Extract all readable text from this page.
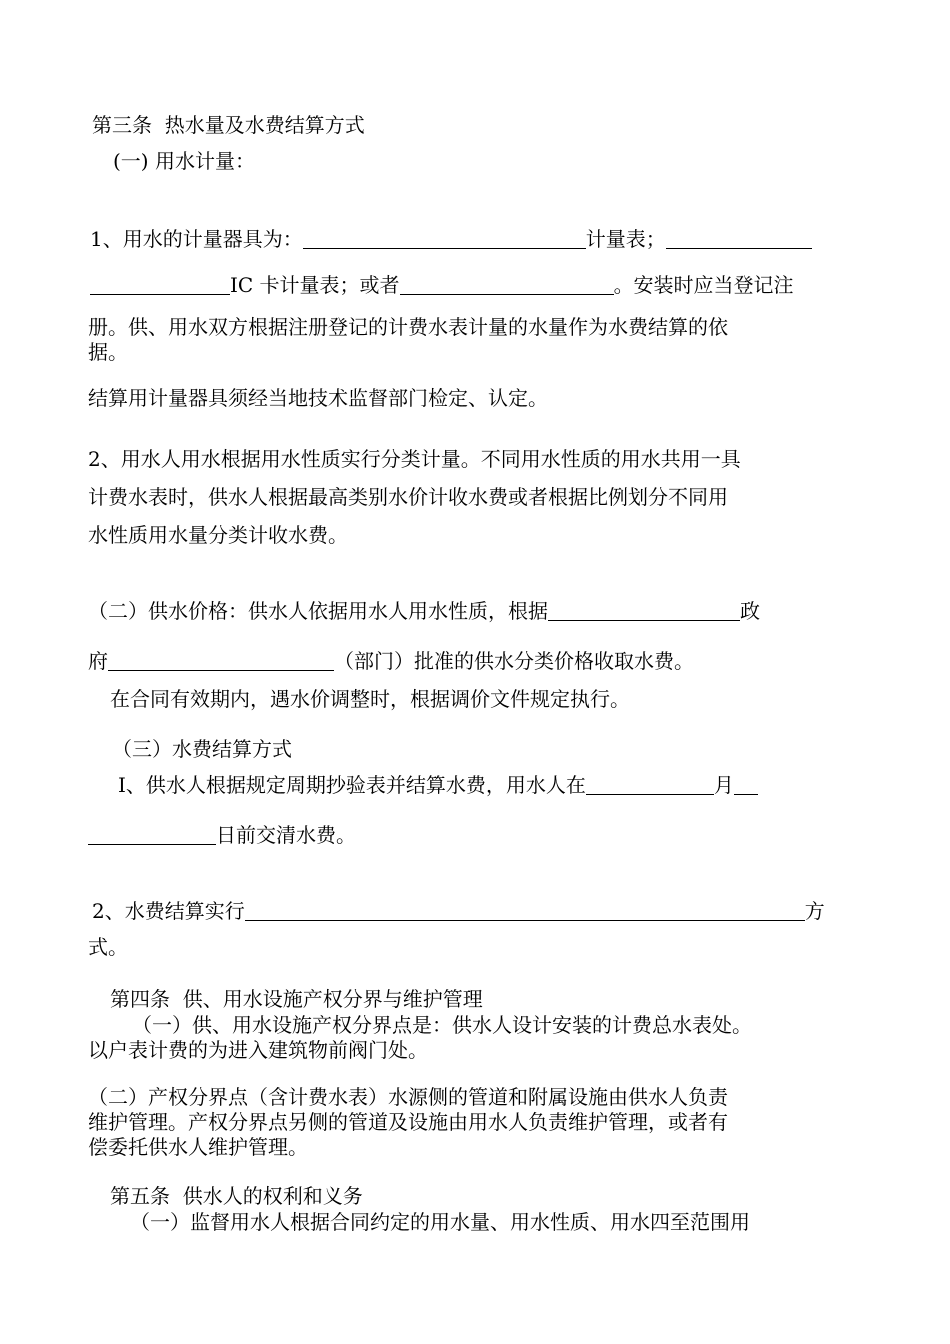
第三条  热水量及水费结算方式
(一) 用水计量：
1、用水的计量器具为：	计量表；
IC 卡计量表；或者	。安装时应当登记注
册。供、用水双方根据注册登记的计费水表计量的水量作为水费结算的依
据。
结算用计量器具须经当地技术监督部门检定、认定。
2、用水人用水根据用水性质实行分类计量。不同用水性质的用水共用一具
计费水表时，供水人根据最高类别水价计收水费或者根据比例划分不同用
水性质用水量分类计收水费。
（二）供水价格：供水人依据用水人用水性质，根据	政
府	（部门）批准的供水分类价格收取水费。
在合同有效期内，遇水价调整时，根据调价文件规定执行。
（三）水费结算方式
I、供水人根据规定周期抄验表并结算水费，用水人在	月
日前交清水费。
2、水费结算实行	方
式。
第四条  供、用水设施产权分界与维护管理
（一）供、用水设施产权分界点是：供水人设计安装的计费总水表处。
以户表计费的为进入建筑物前阀门处。
（二）产权分界点（含计费水表）水源侧的管道和附属设施由供水人负责
维护管理。产权分界点另侧的管道及设施由用水人负责维护管理，或者有
偿委托供水人维护管理。
第五条  供水人的权利和义务
（一）监督用水人根据合同约定的用水量、用水性质、用水四至范围用
